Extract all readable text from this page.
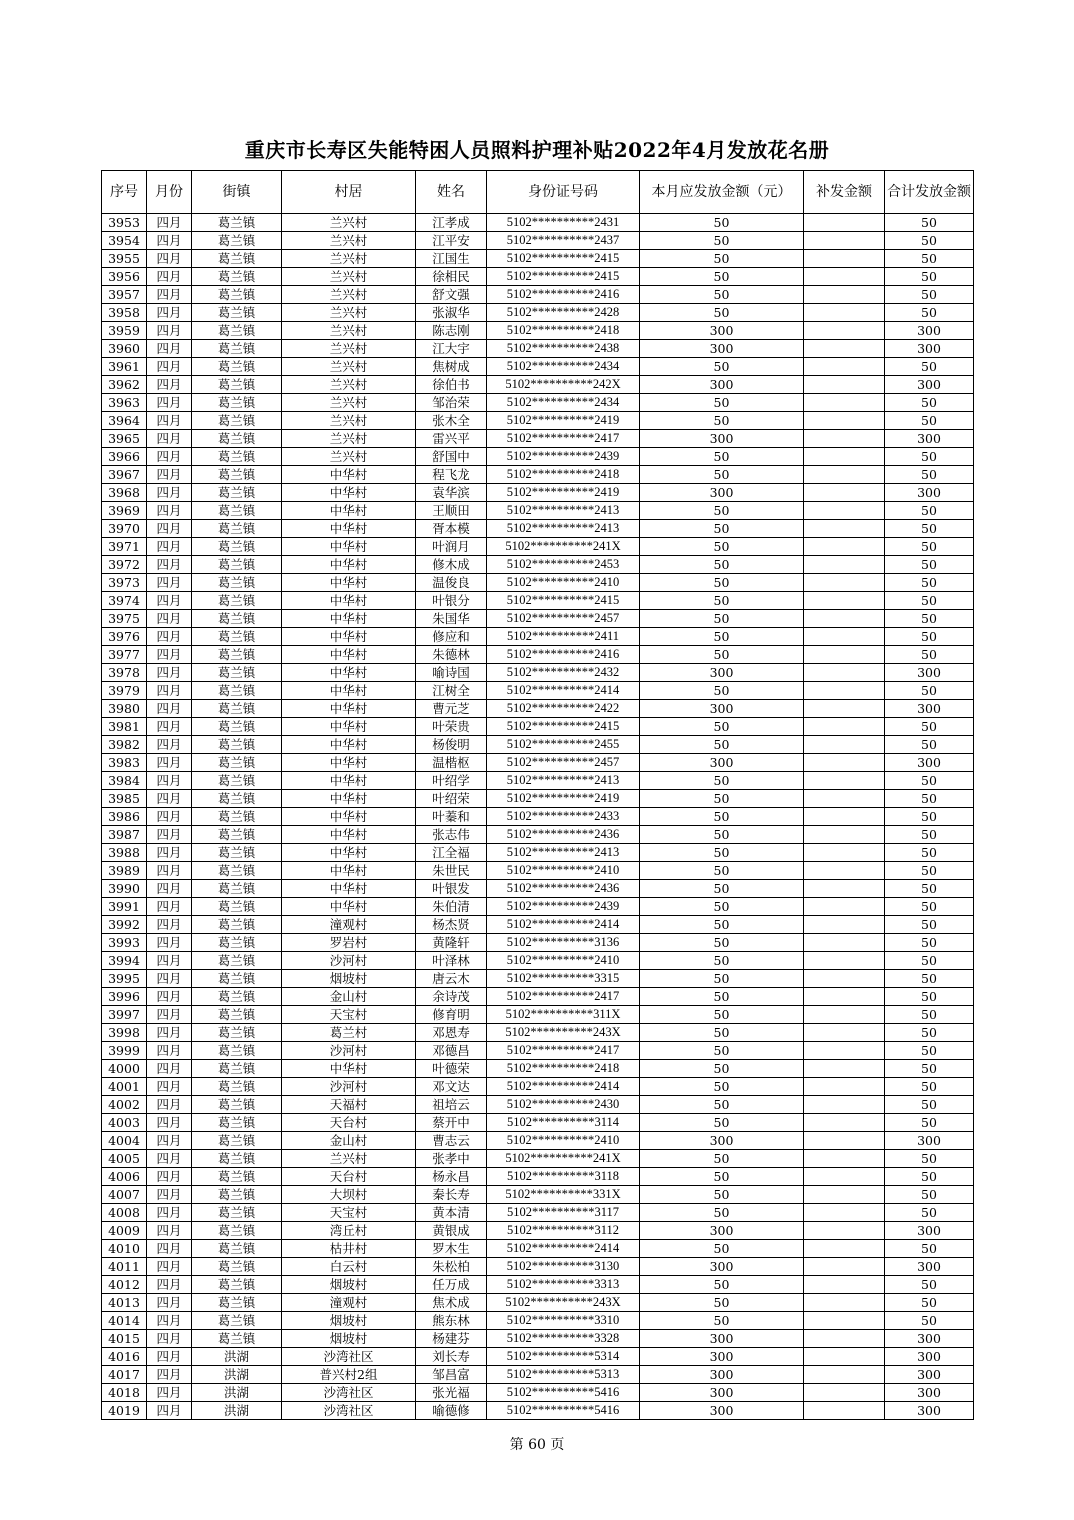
重庆市长寿区失能特困人员照料护理补贴2022年4月发放花名册
序号	月份	街镇	村居	姓名	身份证号码	本月应发放金额（元）	补发金额	合计发放金额
3953	四月	葛兰镇	兰兴村	江孝成	5102**********2431	50		50
3954	四月	葛兰镇	兰兴村	江平安	5102**********2437	50		50
3955	四月	葛兰镇	兰兴村	江国生	5102**********2415	50		50
3956	四月	葛兰镇	兰兴村	徐相民	5102**********2415	50		50
3957	四月	葛兰镇	兰兴村	舒文强	5102**********2416	50		50
3958	四月	葛兰镇	兰兴村	张淑华	5102**********2428	50		50
3959	四月	葛兰镇	兰兴村	陈志刚	5102**********2418	300		300
3960	四月	葛兰镇	兰兴村	江大宇	5102**********2438	300		300
3961	四月	葛兰镇	兰兴村	焦树成	5102**********2434	50		50
3962	四月	葛兰镇	兰兴村	徐伯书	5102**********242X	300		300
3963	四月	葛兰镇	兰兴村	邹治荣	5102**********2434	50		50
3964	四月	葛兰镇	兰兴村	张木全	5102**********2419	50		50
3965	四月	葛兰镇	兰兴村	雷兴平	5102**********2417	300		300
3966	四月	葛兰镇	兰兴村	舒国中	5102**********2439	50		50
3967	四月	葛兰镇	中华村	程飞龙	5102**********2418	50		50
3968	四月	葛兰镇	中华村	袁华滨	5102**********2419	300		300
3969	四月	葛兰镇	中华村	王顺田	5102**********2413	50		50
3970	四月	葛兰镇	中华村	胥本模	5102**********2413	50		50
3971	四月	葛兰镇	中华村	叶润月	5102**********241X	50		50
3972	四月	葛兰镇	中华村	修木成	5102**********2453	50		50
3973	四月	葛兰镇	中华村	温俊良	5102**********2410	50		50
3974	四月	葛兰镇	中华村	叶银分	5102**********2415	50		50
3975	四月	葛兰镇	中华村	朱国华	5102**********2457	50		50
3976	四月	葛兰镇	中华村	修应和	5102**********2411	50		50
3977	四月	葛兰镇	中华村	朱德林	5102**********2416	50		50
3978	四月	葛兰镇	中华村	喻诗国	5102**********2432	300		300
3979	四月	葛兰镇	中华村	江树全	5102**********2414	50		50
3980	四月	葛兰镇	中华村	曹元芝	5102**********2422	300		300
3981	四月	葛兰镇	中华村	叶荣贵	5102**********2415	50		50
3982	四月	葛兰镇	中华村	杨俊明	5102**********2455	50		50
3983	四月	葛兰镇	中华村	温楷枢	5102**********2457	300		300
3984	四月	葛兰镇	中华村	叶绍学	5102**********2413	50		50
3985	四月	葛兰镇	中华村	叶绍荣	5102**********2419	50		50
3986	四月	葛兰镇	中华村	叶蓁和	5102**********2433	50		50
3987	四月	葛兰镇	中华村	张志伟	5102**********2436	50		50
3988	四月	葛兰镇	中华村	江全福	5102**********2413	50		50
3989	四月	葛兰镇	中华村	朱世民	5102**********2410	50		50
3990	四月	葛兰镇	中华村	叶银发	5102**********2436	50		50
3991	四月	葛兰镇	中华村	朱伯清	5102**********2439	50		50
3992	四月	葛兰镇	潼观村	杨杰贤	5102**********2414	50		50
3993	四月	葛兰镇	罗岩村	黄隆轩	5102**********3136	50		50
3994	四月	葛兰镇	沙河村	叶泽林	5102**********2410	50		50
3995	四月	葛兰镇	烟坡村	唐云木	5102**********3315	50		50
3996	四月	葛兰镇	金山村	余诗茂	5102**********2417	50		50
3997	四月	葛兰镇	天宝村	修育明	5102**********311X	50		50
3998	四月	葛兰镇	葛兰村	邓恩寿	5102**********243X	50		50
3999	四月	葛兰镇	沙河村	邓德昌	5102**********2417	50		50
4000	四月	葛兰镇	中华村	叶德荣	5102**********2418	50		50
4001	四月	葛兰镇	沙河村	邓文达	5102**********2414	50		50
4002	四月	葛兰镇	天福村	祖培云	5102**********2430	50		50
4003	四月	葛兰镇	天台村	蔡开中	5102**********3114	50		50
4004	四月	葛兰镇	金山村	曹志云	5102**********2410	300		300
4005	四月	葛兰镇	兰兴村	张孝中	5102**********241X	50		50
4006	四月	葛兰镇	天台村	杨永昌	5102**********3118	50		50
4007	四月	葛兰镇	大坝村	秦长寿	5102**********331X	50		50
4008	四月	葛兰镇	天宝村	黄本清	5102**********3117	50		50
4009	四月	葛兰镇	湾丘村	黄银成	5102**********3112	300		300
4010	四月	葛兰镇	枯井村	罗木生	5102**********2414	50		50
4011	四月	葛兰镇	白云村	朱松柏	5102**********3130	300		300
4012	四月	葛兰镇	烟坡村	任万成	5102**********3313	50		50
4013	四月	葛兰镇	潼观村	焦术成	5102**********243X	50		50
4014	四月	葛兰镇	烟坡村	熊东林	5102**********3310	50		50
4015	四月	葛兰镇	烟坡村	杨建芬	5102**********3328	300		300
4016	四月	洪湖	沙湾社区	刘长寿	5102**********5314	300		300
4017	四月	洪湖	普兴村2组	邹昌富	5102**********5313	300		300
4018	四月	洪湖	沙湾社区	张光福	5102**********5416	300		300
4019	四月	洪湖	沙湾社区	喻德修	5102**********5416	300		300
第 60 页
